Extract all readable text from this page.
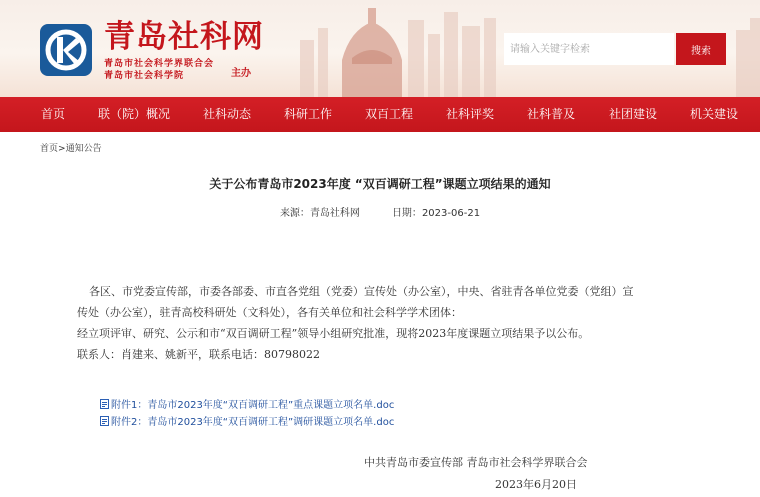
青岛社科网
青岛市社会科学界联合会
青岛市社会科学院	主办
请输入关键字检索
搜索
首页	联（院）概况	社科动态	科研工作	双百工程	社科评奖	社科普及	社团建设	机关建设
首页>通知公告
关于公布青岛市2023年度 “双百调研工程”课题立项结果的通知
来源：青岛社科网	日期：2023-06-21

各区、市党委宣传部，市委各部委、市直各党组（党委）宣传处（办公室），中央、省驻青各单位党委（党组）宣

传处（办公室），驻青高校科研处（文科处），各有关单位和社会科学学术团体：

经立项评审、研究、公示和市“双百调研工程”领导小组研究批准，现将2023年度课题立项结果予以公布。

联系人：肖建来、姚新平，联系电话：80798022

附件1：青岛市2023年度“双百调研工程”重点课题立项名单.doc
附件2：青岛市2023年度“双百调研工程”调研课题立项名单.doc
中共青岛市委宣传部 青岛市社会科学界联合会
2023年6月20日
